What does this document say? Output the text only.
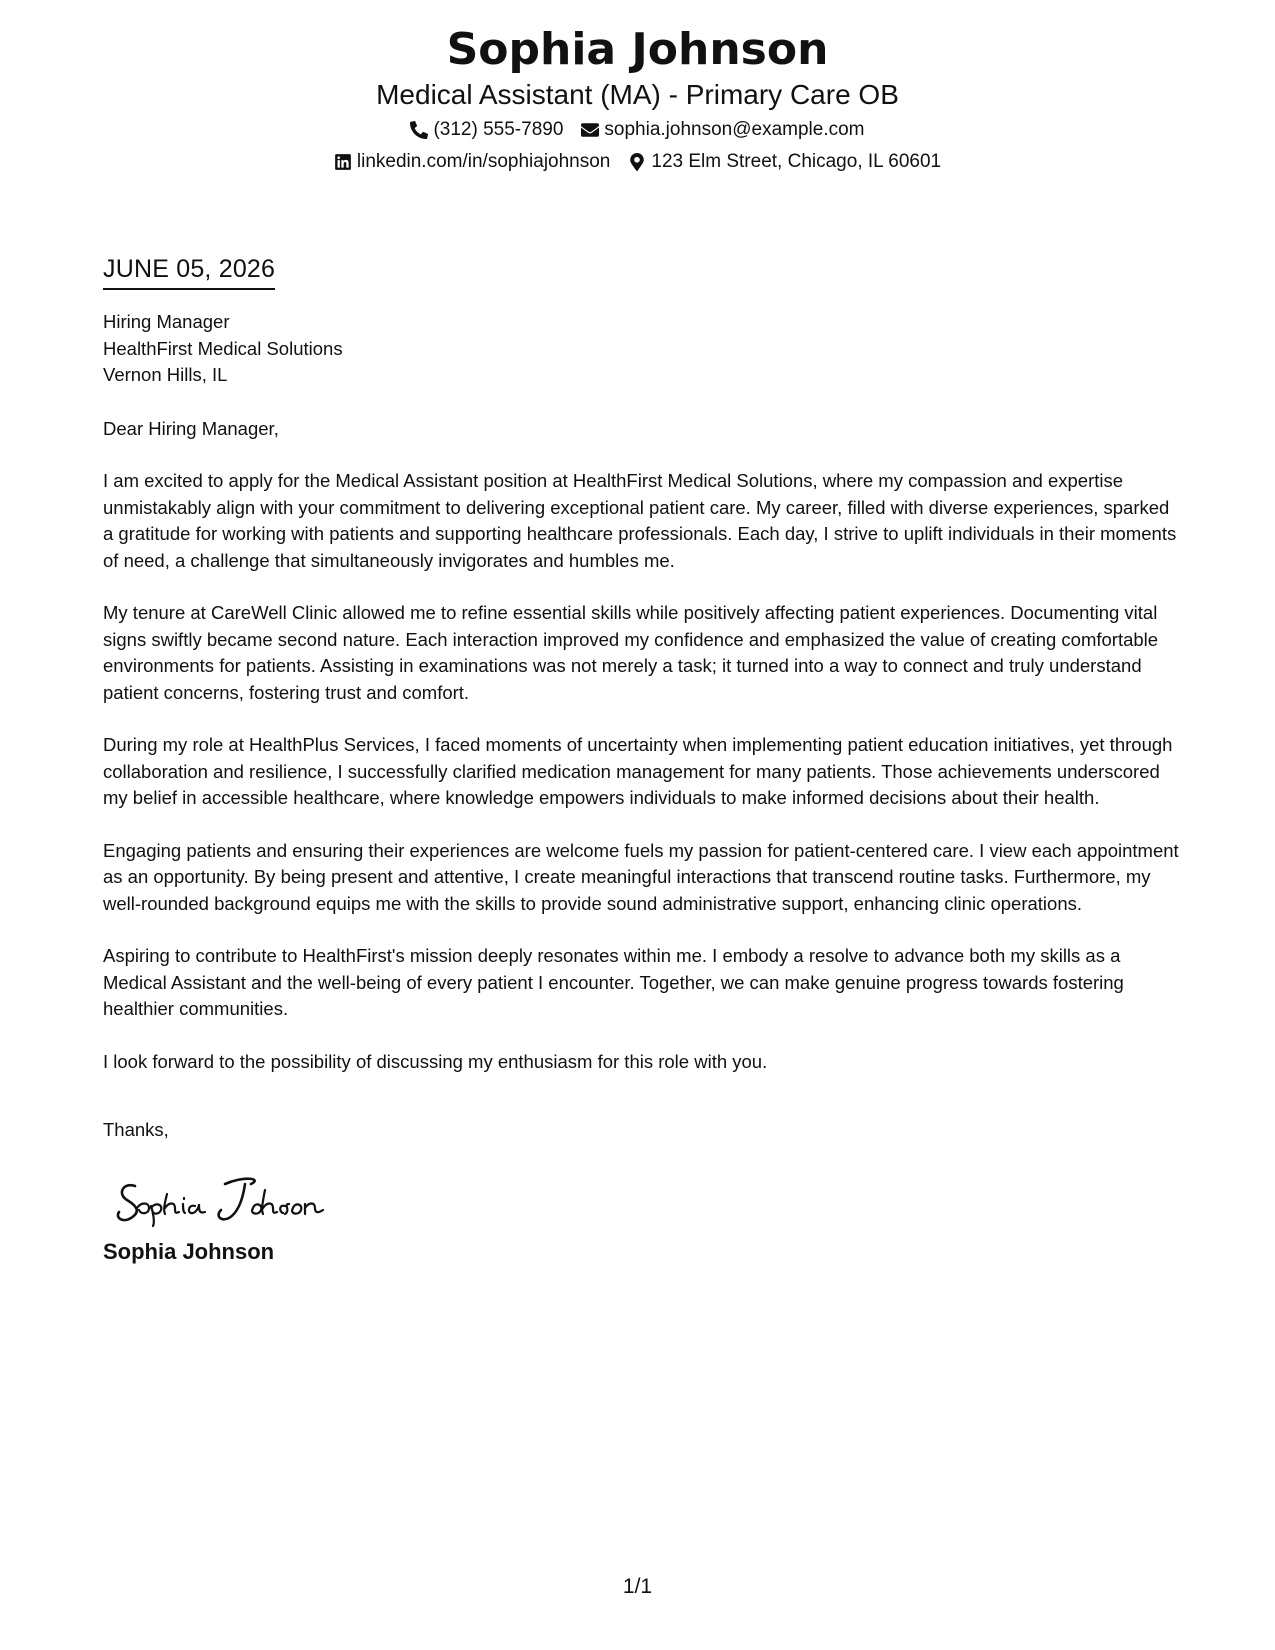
Sophia Johnson
Medical Assistant (MA) - Primary Care OB
(312) 555-7890 sophia.johnson@example.com
linkedin.com/in/sophiajohnson 123 Elm Street, Chicago, IL 60601
JUNE 05, 2026
Hiring Manager
HealthFirst Medical Solutions
Vernon Hills, IL
Dear Hiring Manager,
I am excited to apply for the Medical Assistant position at HealthFirst Medical Solutions, where my compassion and expertise unmistakably align with your commitment to delivering exceptional patient care. My career, filled with diverse experiences, sparked a gratitude for working with patients and supporting healthcare professionals. Each day, I strive to uplift individuals in their moments of need, a challenge that simultaneously invigorates and humbles me.
My tenure at CareWell Clinic allowed me to refine essential skills while positively affecting patient experiences. Documenting vital signs swiftly became second nature. Each interaction improved my confidence and emphasized the value of creating comfortable environments for patients. Assisting in examinations was not merely a task; it turned into a way to connect and truly understand patient concerns, fostering trust and comfort.
During my role at HealthPlus Services, I faced moments of uncertainty when implementing patient education initiatives, yet through collaboration and resilience, I successfully clarified medication management for many patients. Those achievements underscored my belief in accessible healthcare, where knowledge empowers individuals to make informed decisions about their health.
Engaging patients and ensuring their experiences are welcome fuels my passion for patient-centered care. I view each appointment as an opportunity. By being present and attentive, I create meaningful interactions that transcend routine tasks. Furthermore, my well-rounded background equips me with the skills to provide sound administrative support, enhancing clinic operations.
Aspiring to contribute to HealthFirst's mission deeply resonates within me. I embody a resolve to advance both my skills as a Medical Assistant and the well-being of every patient I encounter. Together, we can make genuine progress towards fostering healthier communities.
I look forward to the possibility of discussing my enthusiasm for this role with you.
Thanks,
Sophia Johnson
1/1
